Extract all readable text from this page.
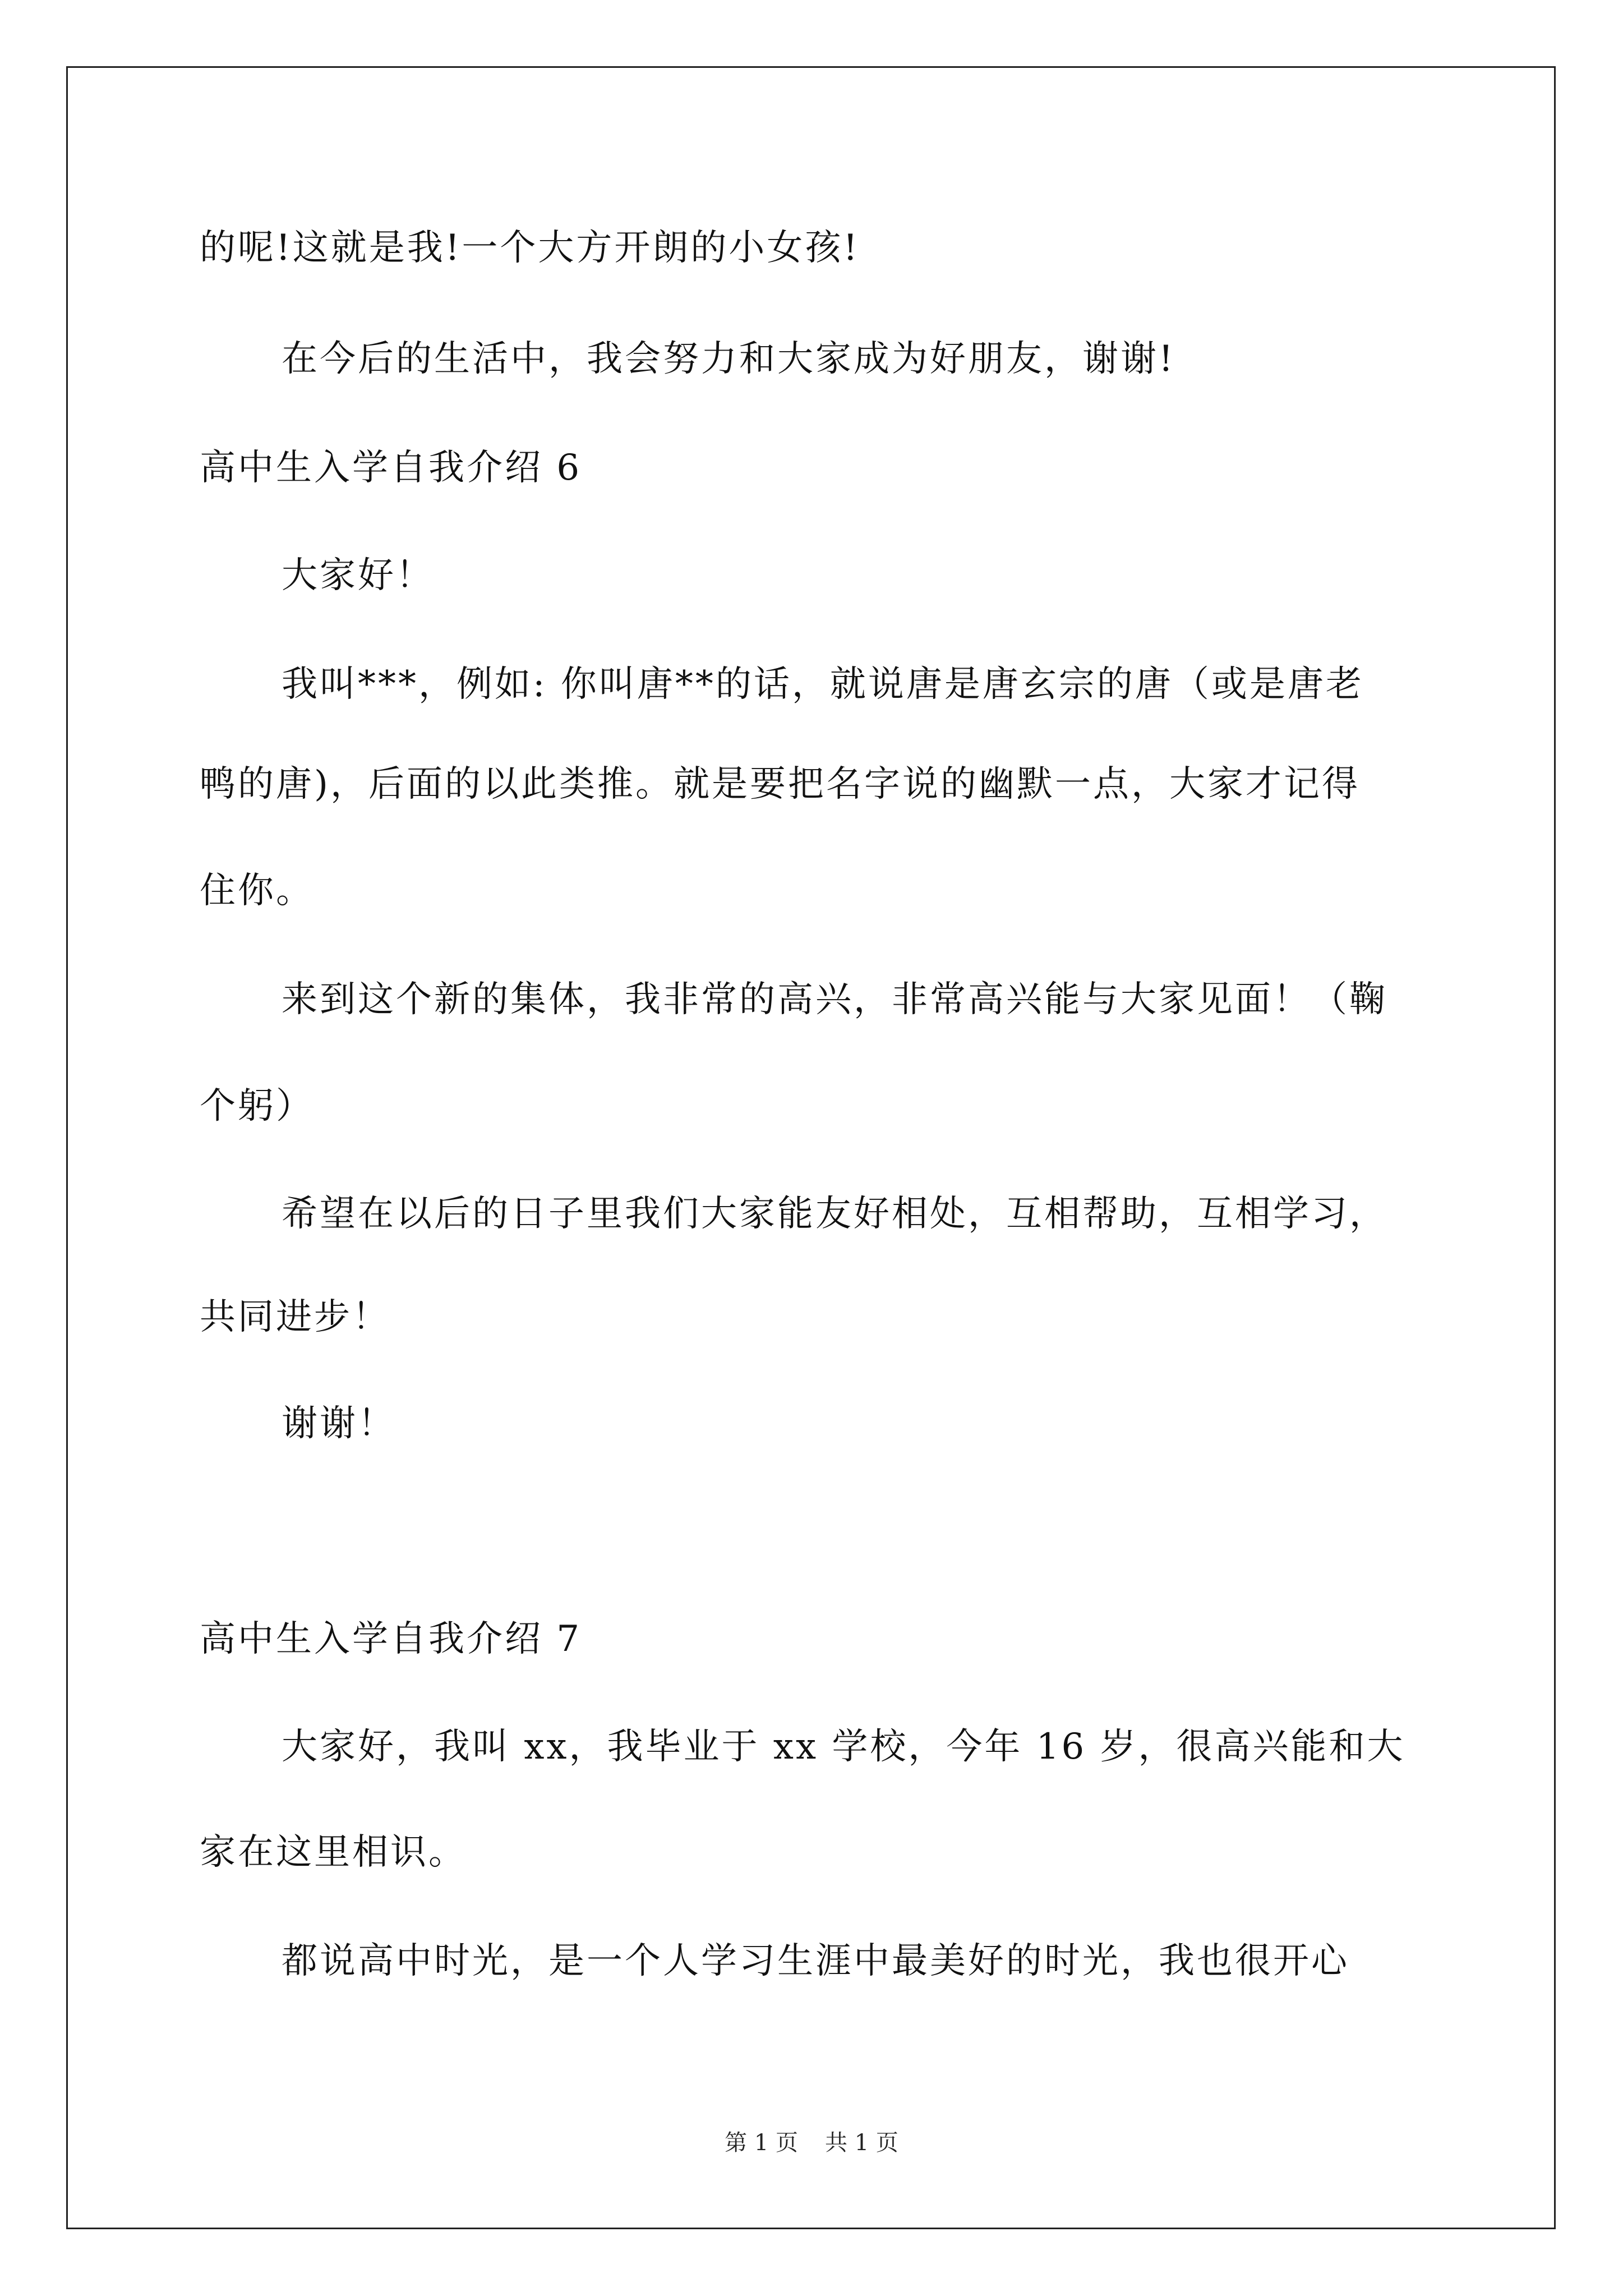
的呢!这就是我!一个大方开朗的小女孩!
在今后的生活中，我会努力和大家成为好朋友，谢谢!
高中生入学自我介绍 6
大家好！
我叫***，例如: 你叫唐**的话，就说唐是唐玄宗的唐（或是唐老
鸭的唐)，后面的以此类推。就是要把名字说的幽默一点，大家才记得
住你。
来到这个新的集体，我非常的高兴，非常高兴能与大家见面！（鞠
个躬）
希望在以后的日子里我们大家能友好相处，互相帮助，互相学习，
共同进步！
谢谢！
高中生入学自我介绍 7
大家好，我叫 xx，我毕业于 xx 学校，今年 16 岁，很高兴能和大
家在这里相识。
都说高中时光，是一个人学习生涯中最美好的时光，我也很开心
第 1 页 共 1 页
